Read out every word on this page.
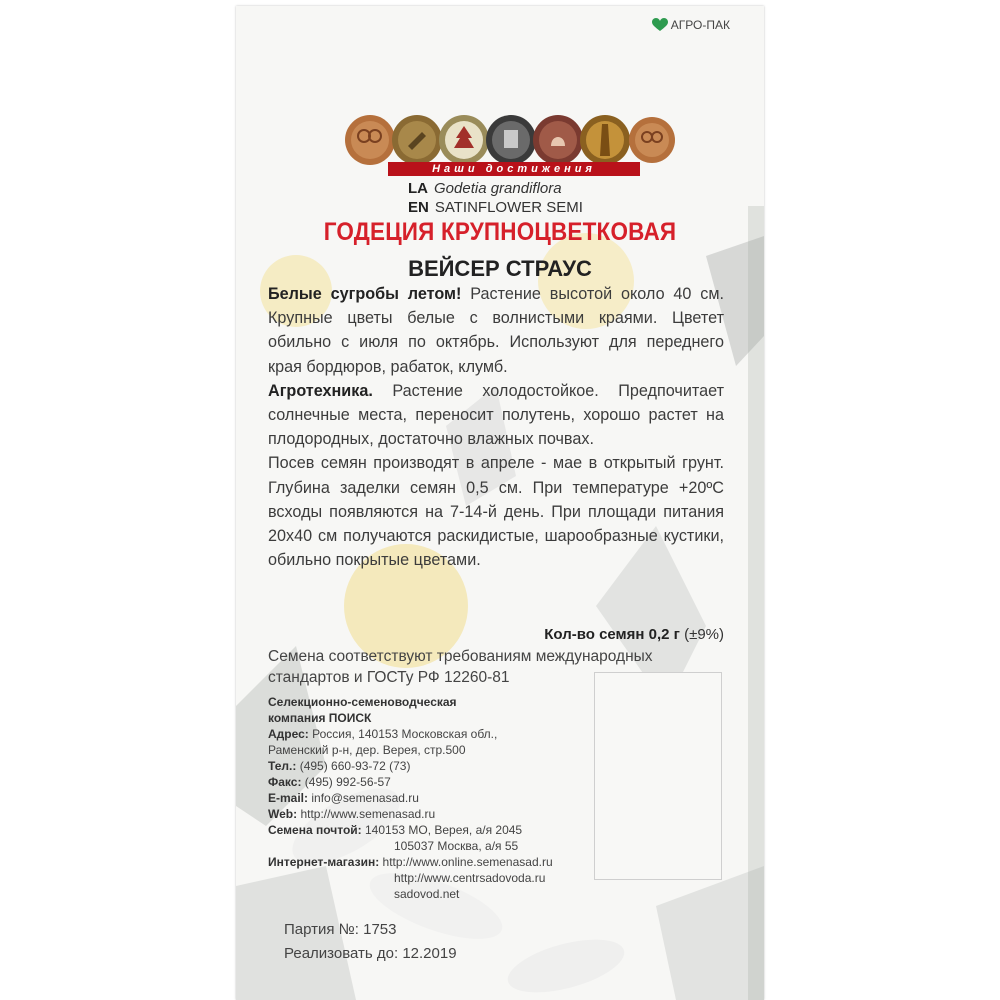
АГРО-ПАК
Наши достижения
LA Godetia grandiflora
EN SATINFLOWER SEMI
ГОДЕЦИЯ КРУПНОЦВЕТКОВАЯ
ВЕЙСЕР СТРАУС

Белые сугробы летом! Растение высотой около 40 см. Крупные цветы белые с волнистыми краями. Цветет обильно с июля по октябрь. Используют для переднего края бордюров, рабаток, клумб.

Агротехника. Растение холодостойкое. Предпочитает солнечные места, переносит полутень, хорошо растет на плодородных, достаточно влажных почвах.

Посев семян производят в апреле - мае в открытый грунт. Глубина заделки семян 0,5 см. При температуре +20ºС всходы появляются на 7-14-й день. При площади питания 20х40 см получаются раскидистые, шарообразные кустики, обильно покрытые цветами.

Кол-во семян 0,2 г (±9%)
Семена соответствуют требованиям международных стандартов и ГОСТу РФ 12260-81
Селекционно-семеноводческая
компания ПОИСК
Адрес: Россия, 140153 Московская обл.,
Раменский р-н, дер. Верея, стр.500
Тел.: (495) 660-93-72 (73)
Факс: (495) 992-56-57
E-mail: info@semenasad.ru
Web: http://www.semenasad.ru
Семена почтой: 140153 МО, Верея, а/я 2045
105037 Москва, а/я 55
Интернет-магазин: http://www.online.semenasad.ru
http://www.centrsadovoda.ru
sadovod.net
Партия №: 1753
Реализовать до: 12.2019
